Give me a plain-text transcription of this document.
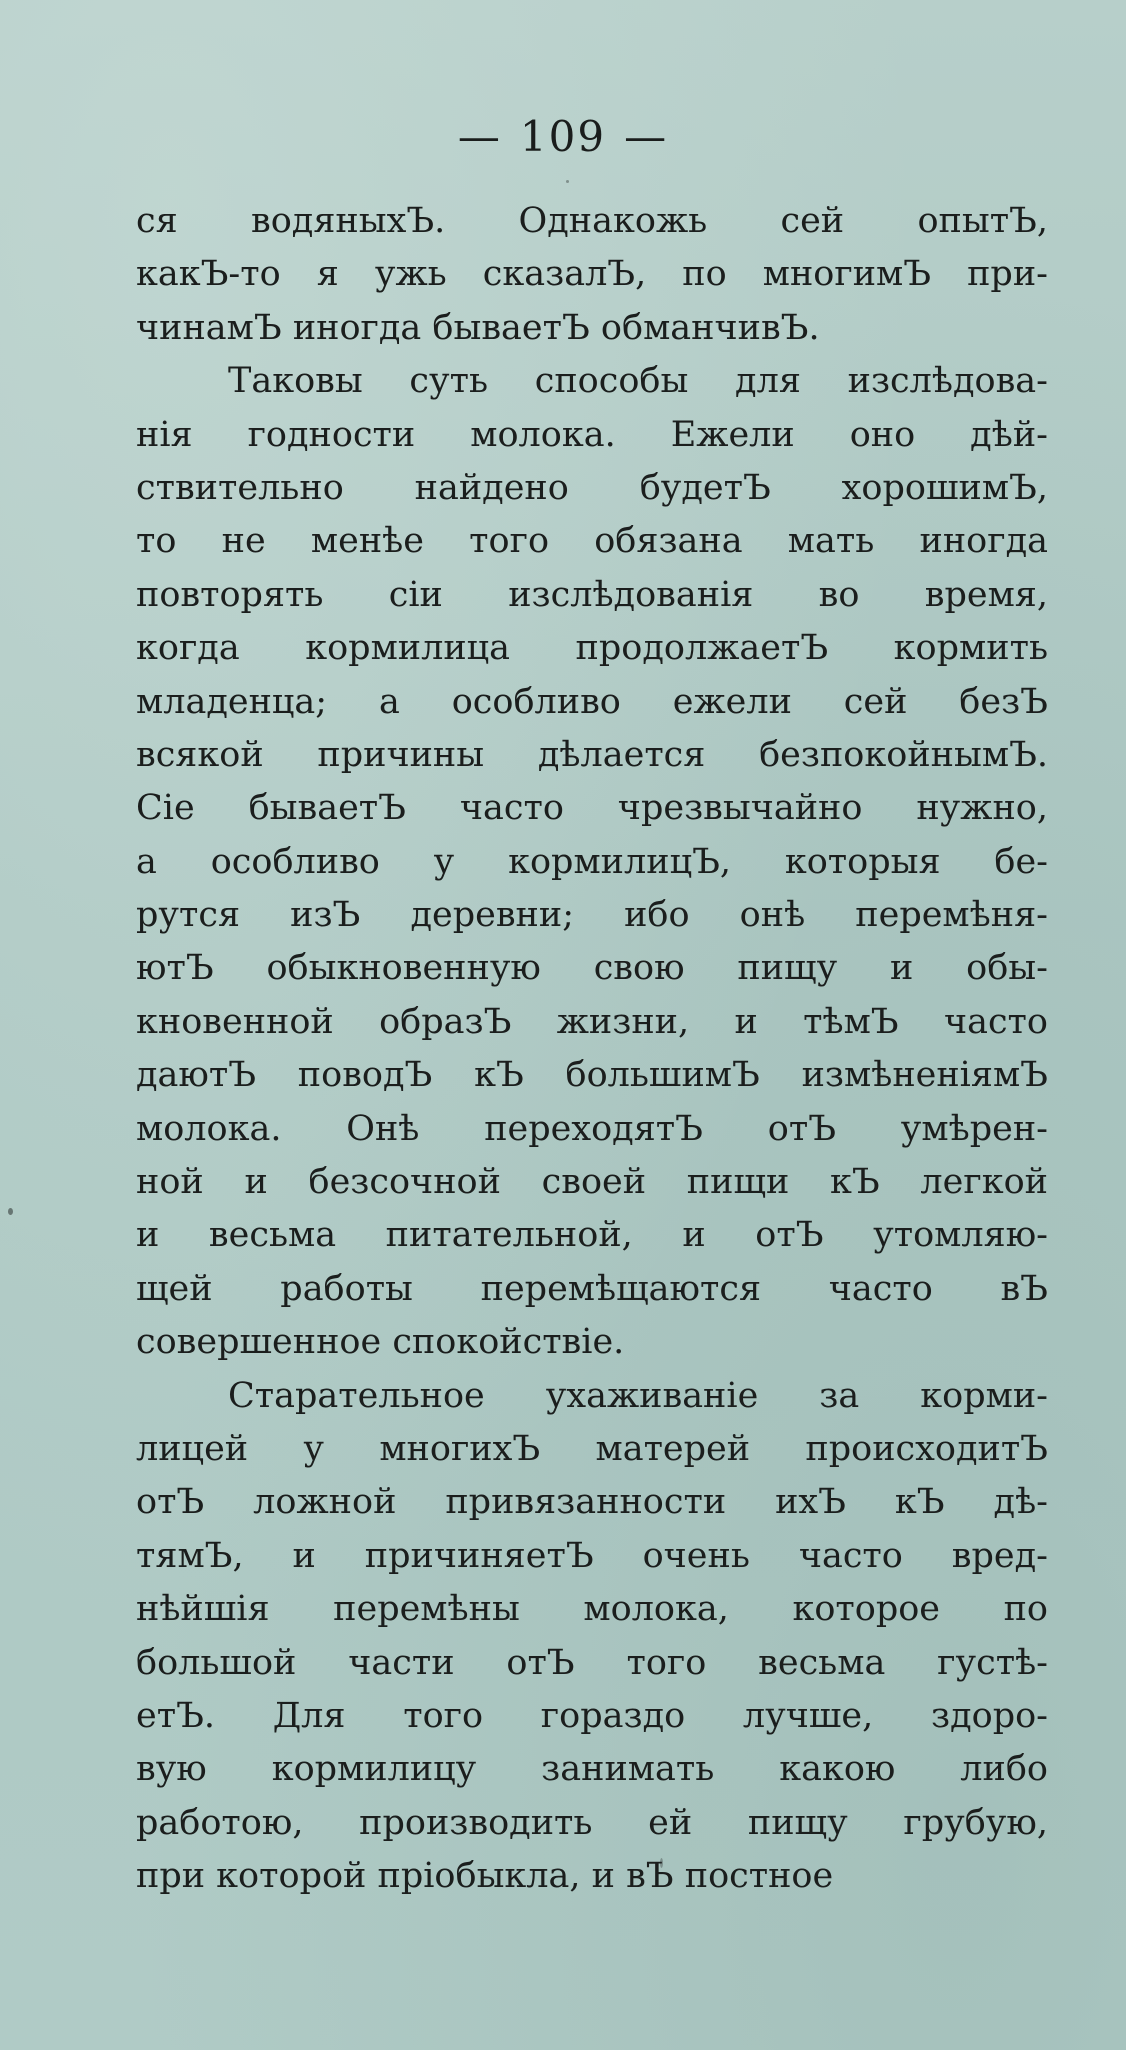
— 109 —
ся водяныхЪ. Однакожь сей опытЪ,
какЪ-то я ужь сказалЪ, по многимЪ при-
чинамЪ иногда бываетЪ обманчивЪ.
Таковы суть способы для изслѣдова-
нія годности молока. Ежели оно дѣй-
ствительно найдено будетЪ хорошимЪ,
то не менѣе того обязана мать иногда
повторять сіи изслѣдованія во время,
когда кормилица продолжаетЪ кормить
младенца; а особливо ежели сей безЪ
всякой причины дѣлается безпокойнымЪ.
Сіе бываетЪ часто чрезвычайно нужно,
а особливо у кормилицЪ, которыя бе-
рутся изЪ деревни; ибо онѣ перемѣня-
ютЪ обыкновенную свою пищу и обы-
кновенной образЪ жизни, и тѣмЪ часто
даютЪ поводЪ кЪ большимЪ измѣненіямЪ
молока. Онѣ переходятЪ отЪ умѣрен-
ной и безсочной своей пищи кЪ легкой
и весьма питательной, и отЪ утомляю-
щей работы перемѣщаются часто вЪ
совершенное спокойствіе.
Старательное ухаживаніе за корми-
лицей у многихЪ матерей происходитЪ
отЪ ложной привязанности ихЪ кЪ дѣ-
тямЪ, и причиняетЪ очень часто вред-
нѣйшія перемѣны молока, которое по
большой части отЪ того весьма густѣ-
етЪ. Для того гораздо лучше, здоро-
вую кормилицу занимать какою либо
работою, производить ей пищу грубую,
при которой пріобыкла, и вЪ постное
